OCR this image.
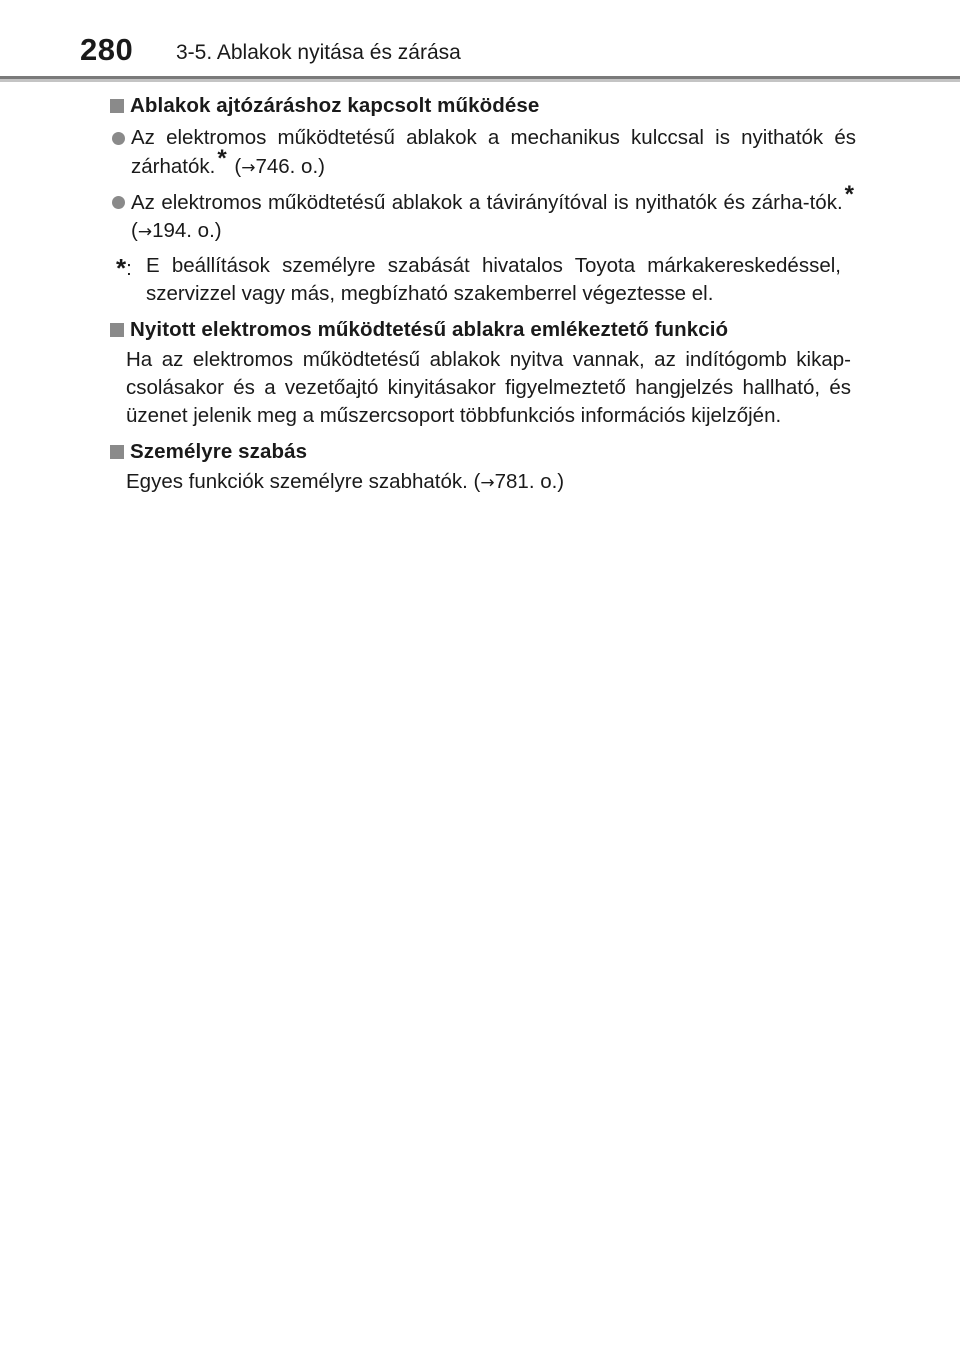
280 3-5. Ablakok nyitása és zárása
Ablakok ajtózáráshoz kapcsolt működése
Az elektromos működtetésű ablakok a mechanikus kulccsal is nyithatók és zárhatók.* (→746. o.)
Az elektromos működtetésű ablakok a távirányítóval is nyithatók és zárha-tók.* (→194. o.)
*: E beállítások személyre szabását hivatalos Toyota márkakereskedéssel, szervizzel vagy más, megbízható szakemberrel végeztesse el.
Nyitott elektromos működtetésű ablakra emlékeztető funkció
Ha az elektromos működtetésű ablakok nyitva vannak, az indítógomb kikap-csolásakor és a vezetőajtó kinyitásakor figyelmeztető hangjelzés hallható, és üzenet jelenik meg a műszercsoport többfunkciós információs kijelzőjén.
Személyre szabás
Egyes funkciók személyre szabhatók. (→781. o.)
